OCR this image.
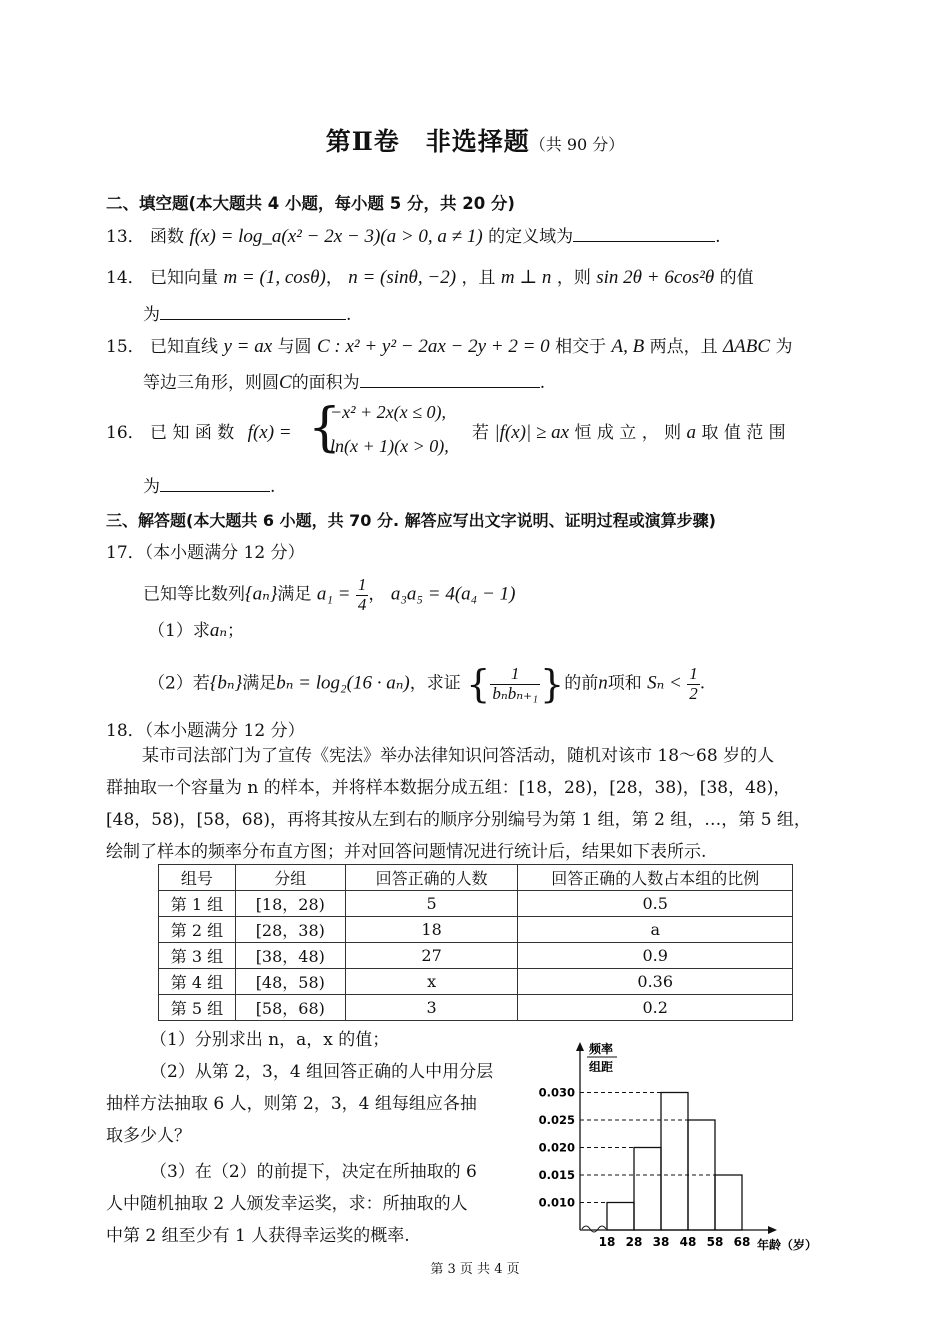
第Ⅱ卷　非选择题（共 90 分）
二、填空题(本大题共 4 小题，每小题 5 分，共 20 分)
13． 函数 f(x) = log_a(x² − 2x − 3)(a > 0, a ≠ 1) 的定义域为	.
14． 已知向量 m = (1, cosθ)， n = (sinθ, −2) ，且 m ⊥ n ，则 sin 2θ + 6cos²θ 的值
为	.
15． 已知直线 y = ax 与圆 C : x² + y² − 2ax − 2y + 2 = 0 相交于 A, B 两点，且 ΔABC 为
等边三角形，则圆C的面积为	.
16． 已 知 函 数 f(x) = {
−x² + 2x(x ≤ 0),
ln(x + 1)(x > 0),
若 |f(x)| ≥ ax 恒 成 立 ， 则 a 取 值 范 围
为	.
三、解答题(本大题共 6 小题，共 70 分. 解答应写出文字说明、证明过程或演算步骤)
17．（本小题满分 12 分）
已知等比数列{aₙ}满足 $a_1 = \frac{1}{4}$ ， a₃a₅ = 4(a₄ − 1)
（1）求aₙ；
（2）若{bₙ}满足bₙ = log₂(16 · aₙ)，求证 { $\frac{1}{\text{bₙbₙ₊₁}}$ }的前n项和 $S_n < \frac{1}{2}$ .
18．（本小题满分 12 分）
某市司法部门为了宣传《宪法》举办法律知识问答活动，随机对该市 18～68 岁的人
群抽取一个容量为 n 的样本，并将样本数据分成五组：[18，28)，[28，38)，[38，48)，
[48，58)，[58，68)，再将其按从左到右的顺序分别编号为第 1 组，第 2 组，…，第 5 组，
绘制了样本的频率分布直方图；并对回答问题情况进行统计后，结果如下表所示.
组号	分组	回答正确的人数	回答正确的人数占本组的比例
第 1 组	[18，28)	5	0.5
第 2 组	[28，38)	18	a
第 3 组	[38，48)	27	0.9
第 4 组	[48，58)	x	0.36
第 5 组	[58，68)	3	0.2
（1）分别求出 n，a，x 的值；
（2）从第 2，3，4 组回答正确的人中用分层
抽样方法抽取 6 人，则第 2，3，4 组每组应各抽
取多少人？
（3）在（2）的前提下，决定在所抽取的 6
人中随机抽取 2 人颁发幸运奖，求：所抽取的人
中第 2 组至少有 1 人获得幸运奖的概率.
频率
组距
年龄（岁）
0.010
0.015
0.020
0.025
0.030
18 28 38 48 58 68
第 3 页 共 4 页
